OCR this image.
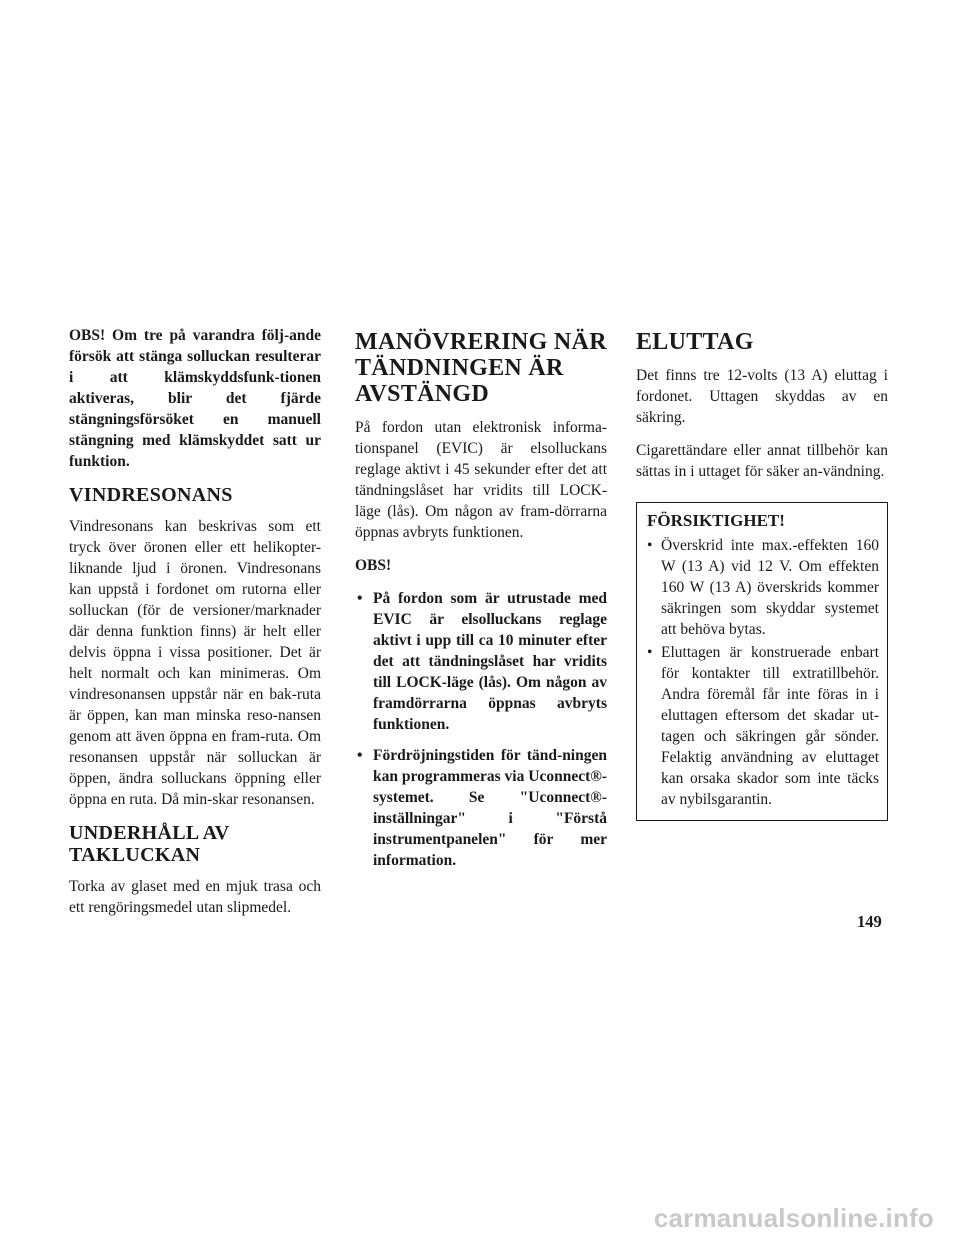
OBS! Om tre på varandra följ-ande försök att stänga solluckan resulterar i att klämskyddsfunk-tionen aktiveras, blir det fjärde stängningsförsöket en manuell stängning med klämskyddet satt ur funktion.

VINDRESONANS

Vindresonans kan beskrivas som ett tryck över öronen eller ett helikopter-liknande ljud i öronen. Vindresonans kan uppstå i fordonet om rutorna eller solluckan (för de versioner/marknader där denna funktion finns) är helt eller delvis öppna i vissa positioner. Det är helt normalt och kan minimeras. Om vindresonansen uppstår när en bak-ruta är öppen, kan man minska reso-nansen genom att även öppna en fram-ruta. Om resonansen uppstår när solluckan är öppen, ändra solluckans öppning eller öppna en ruta. Då min-skar resonansen.

UNDERHÅLL AV TAKLUCKAN

Torka av glaset med en mjuk trasa och ett rengöringsmedel utan slipmedel.

MANÖVRERING NÄR TÄNDNINGEN ÄR AVSTÄNGD

På fordon utan elektronisk informa-tionspanel (EVIC) är elsolluckans reglage aktivt i 45 sekunder efter det att tändningslåset har vridits till LOCK-läge (lås). Om någon av fram-dörrarna öppnas avbryts funktionen.

OBS!

• På fordon som är utrustade med EVIC är elsolluckans reglage aktivt i upp till ca 10 minuter efter det att tändningslåset har vridits till LOCK-läge (lås). Om någon av framdörrarna öppnas avbryts funktionen.
• Fördröjningstiden för tänd-ningen kan programmeras via Uconnect®-systemet. Se "Uconnect®-inställningar" i "Förstå instrumentpanelen" för mer information.
ELUTTAG

Det finns tre 12-volts (13 A) eluttag i fordonet. Uttagen skyddas av en säkring.

Cigarettändare eller annat tillbehör kan sättas in i uttaget för säker an-vändning.

FÖRSIKTIGHET!
• Överskrid inte max.-effekten 160 W (13 A) vid 12 V. Om effekten 160 W (13 A) överskrids kommer säkringen som skyddar systemet att behöva bytas.
• Eluttagen är konstruerade enbart för kontakter till extratillbehör. Andra föremål får inte föras in i eluttagen eftersom det skadar ut-tagen och säkringen går sönder. Felaktig användning av eluttaget kan orsaka skador som inte täcks av nybilsgarantin.
149
carmanualsonline.info
